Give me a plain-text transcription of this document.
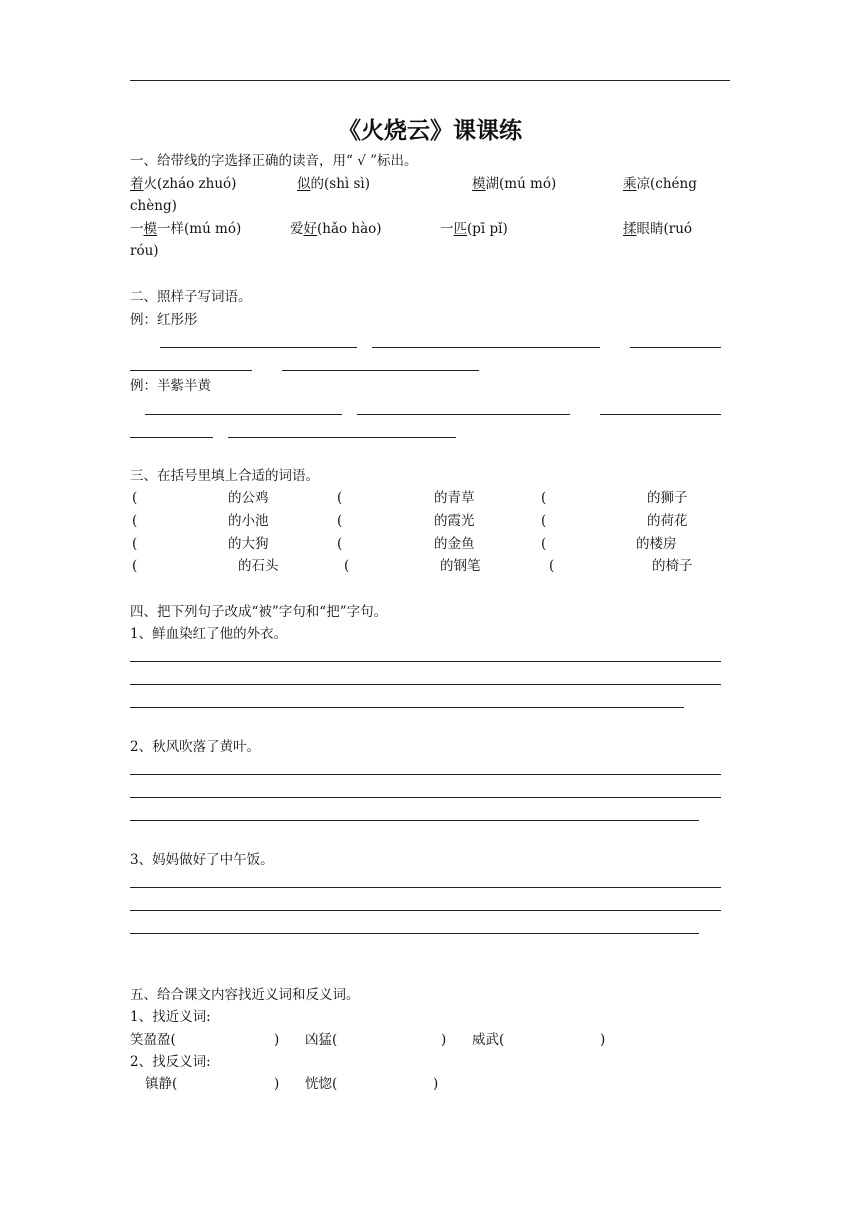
《火烧云》课课练
一、给带线的字选择正确的读音，用“ √ ”标出。
着火(zháo zhuó)	似的(shì sì)	模湖(mú mó)	乘凉(chéng
chèng)
一模一样(mú mó)	爱好(hǎo hào)	一匹(pī pǐ)	揉眼睛(ruó
róu)
二、照样子写词语。
例：红彤彤
例：半紫半黄
三、在括号里填上合适的词语。
(	的公鸡	(	的青草	(	的狮子
(	的小池	(	的霞光	(	的荷花
(	的大狗	(	的金鱼	(	的楼房
(	的石头	(	的钢笔	(	的椅子
四、把下列句子改成“被”字句和“把”字句。
1、鲜血染红了他的外衣。
2、秋风吹落了黄叶。
3、妈妈做好了中午饭。
五、给合课文内容找近义词和反义词。
1、找近义词:
笑盈盈(	) 凶猛(	) 威武(	)
2、找反义词:
镇静(	) 恍惚(	)
